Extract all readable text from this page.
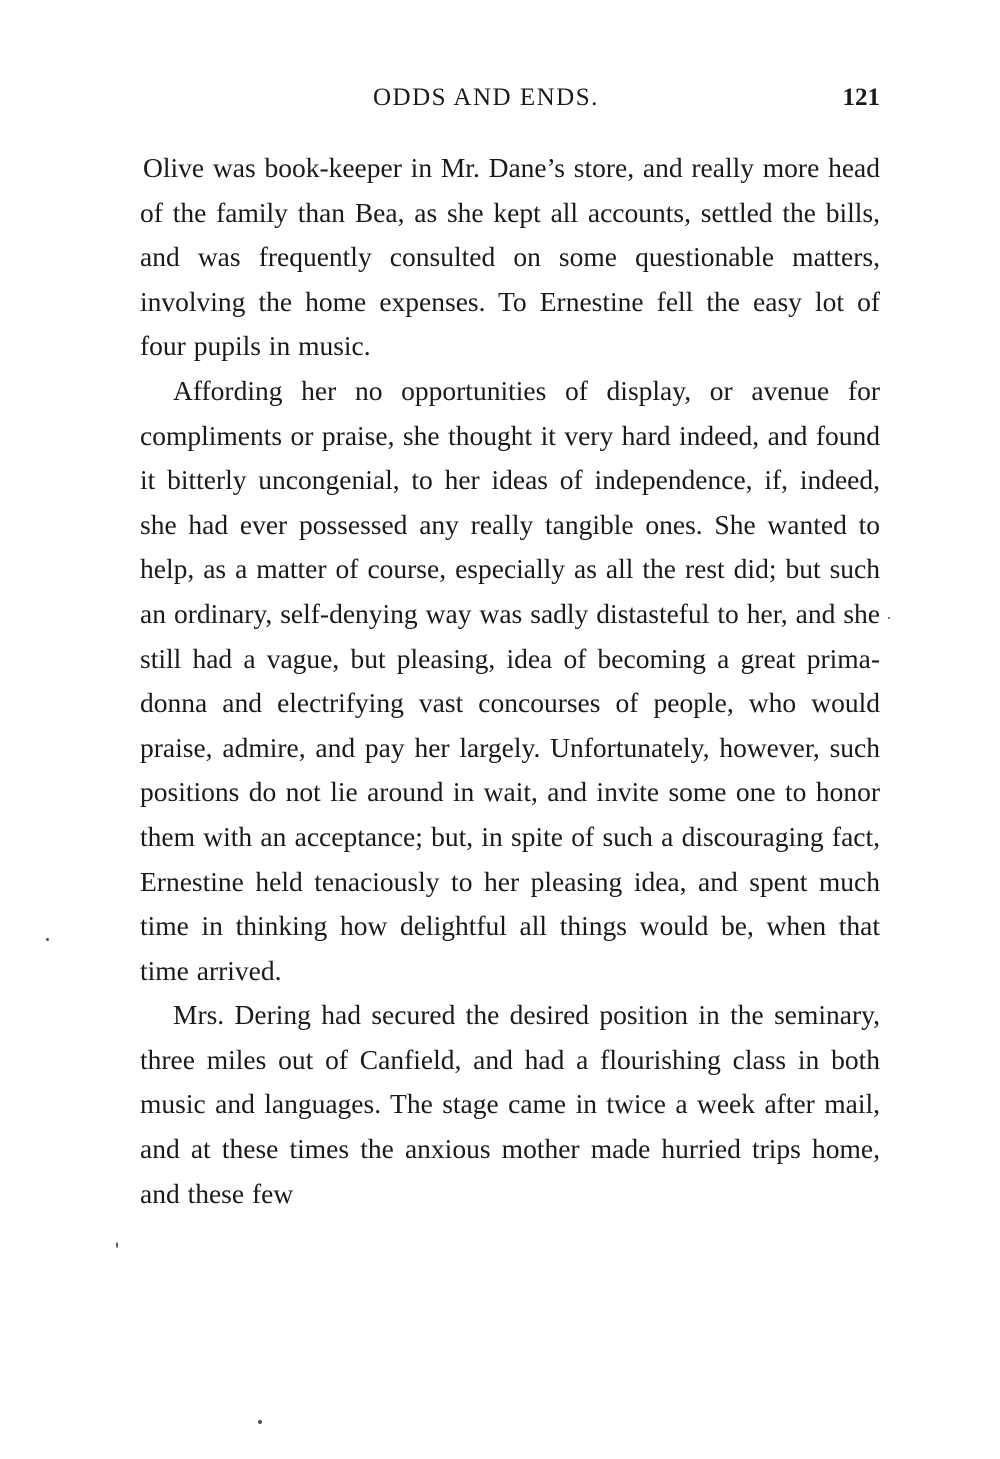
ODDS AND ENDS.	121

Olive was book-keeper in Mr. Dane’s store, and really more head of the family than Bea, as she kept all accounts, settled the bills, and was frequently consulted on some questionable matters, involving the home expenses. To Ernestine fell the easy lot of four pupils in music.

Affording her no opportunities of display, or avenue for compliments or praise, she thought it very hard indeed, and found it bitterly uncongenial, to her ideas of independence, if, indeed, she had ever possessed any really tangible ones. She wanted to help, as a matter of course, especially as all the rest did; but such an ordinary, self-denying way was sadly distasteful to her, and she still had a vague, but pleasing, idea of becoming a great prima-donna and electrifying vast concourses of people, who would praise, admire, and pay her largely. Unfortunately, however, such positions do not lie around in wait, and invite some one to honor them with an acceptance; but, in spite of such a discouraging fact, Ernestine held tenaciously to her pleasing idea, and spent much time in thinking how delightful all things would be, when that time arrived.

Mrs. Dering had secured the desired position in the seminary, three miles out of Canfield, and had a flourishing class in both music and languages. The stage came in twice a week after mail, and at these times the anxious mother made hurried trips home, and these few
